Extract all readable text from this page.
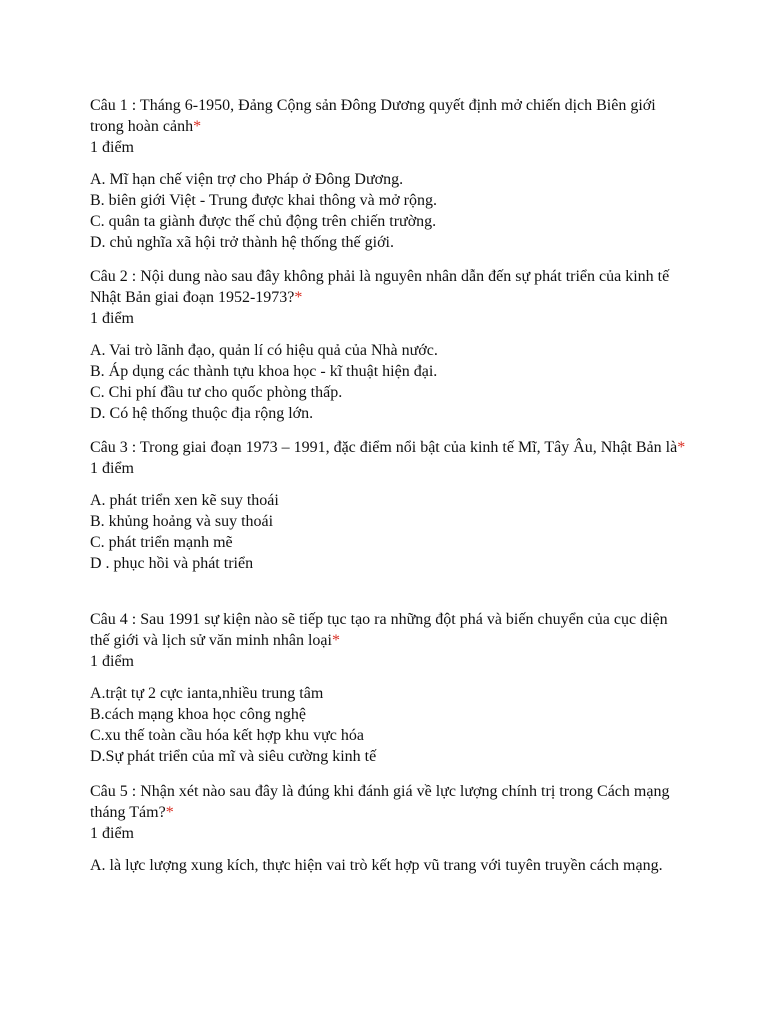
Câu 1 : Tháng 6-1950, Đảng Cộng sản Đông Dương quyết định mở chiến dịch Biên giới trong hoàn cảnh*

1 điểm

A. Mĩ hạn chế viện trợ cho Pháp ở Đông Dương.

B. biên giới Việt - Trung được khai thông và mở rộng.

C. quân ta giành được thế chủ động trên chiến trường.

D. chủ nghĩa xã hội trở thành hệ thống thế giới.

Câu 2 : Nội dung nào sau đây không phải là nguyên nhân dẫn đến sự phát triển của kinh tế Nhật Bản giai đoạn 1952-1973?*

1 điểm

A. Vai trò lãnh đạo, quản lí có hiệu quả của Nhà nước.

B. Áp dụng các thành tựu khoa học - kĩ thuật hiện đại.

C. Chi phí đầu tư cho quốc phòng thấp.

D. Có hệ thống thuộc địa rộng lớn.

Câu 3 : Trong giai đoạn 1973 – 1991, đặc điểm nổi bật của kinh tế Mĩ, Tây Âu, Nhật Bản là*

1 điểm

A. phát triển xen kẽ suy thoái

B. khủng hoảng và suy thoái

C. phát triển mạnh mẽ

D . phục hồi và phát triển

Câu 4 : Sau 1991 sự kiện nào sẽ tiếp tục tạo ra những đột phá và biến chuyển của cục diện thế giới và lịch sử văn minh nhân loại*

1 điểm

A.trật tự 2 cực ianta,nhiều trung tâm

B.cách mạng khoa học công nghệ

C.xu thế toàn cầu hóa kết hợp khu vực hóa

D.Sự phát triển của mĩ và siêu cường kinh tế

Câu 5 : Nhận xét nào sau đây là đúng khi đánh giá về lực lượng chính trị trong Cách mạng tháng Tám?*

1 điểm

A. là lực lượng xung kích, thực hiện vai trò kết hợp vũ trang với tuyên truyền cách mạng.
